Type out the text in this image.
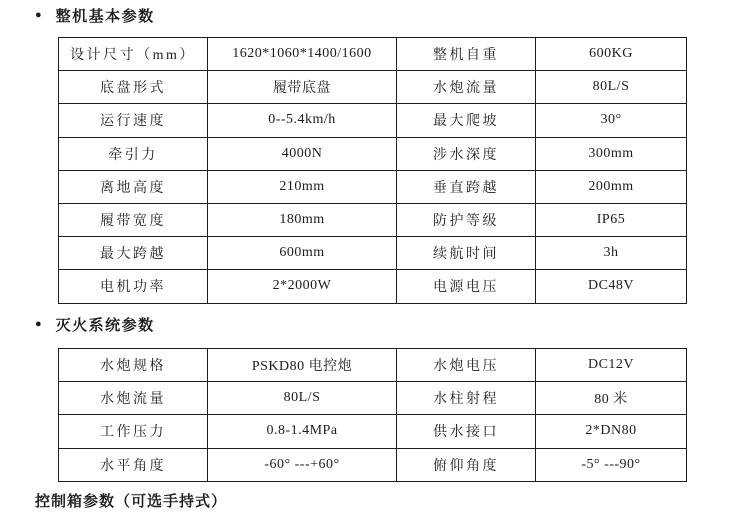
● 整机基本参数
设计尺寸（mm）	1620*1060*1400/1600	整机自重	600KG
底盘形式	履带底盘	水炮流量	80L/S
运行速度	0--5.4km/h	最大爬坡	30°
牵引力	4000N	涉水深度	300mm
离地高度	210mm	垂直跨越	200mm
履带宽度	180mm	防护等级	IP65
最大跨越	600mm	续航时间	3h
电机功率	2*2000W	电源电压	DC48V
● 灭火系统参数
水炮规格	PSKD80 电控炮	水炮电压	DC12V
水炮流量	80L/S	水柱射程	80 米
工作压力	0.8-1.4MPa	供水接口	2*DN80
水平角度	-60° ---+60°	俯仰角度	-5° ---90°
控制箱参数（可选手持式）
